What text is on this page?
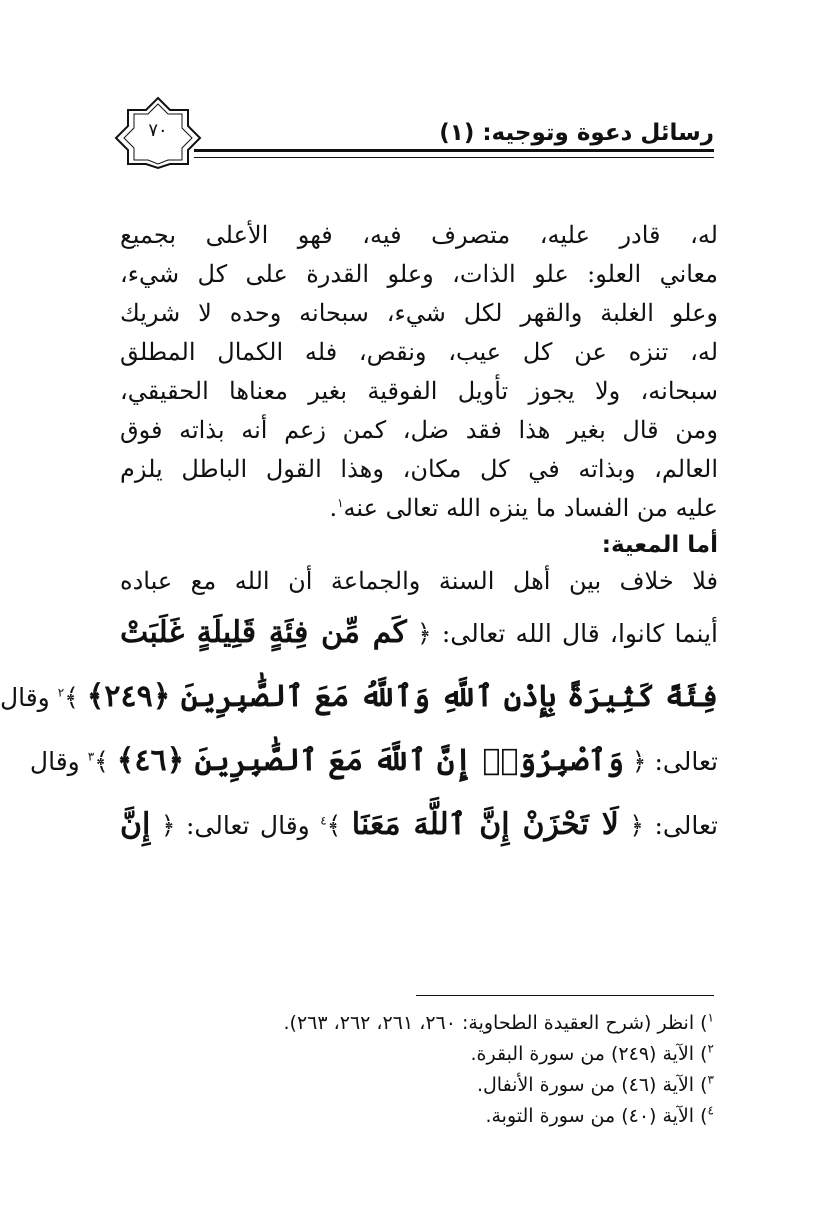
رسائل دعوة وتوجيه: (١)
٧٠
له، قادر عليه، متصرف فيه، فهو الأعلى بجميع
معاني العلو: علو الذات، وعلو القدرة على كل شيء،
وعلو الغلبة والقهر لكل شيء، سبحانه وحده لا شريك
له، تنزه عن كل عيب، ونقص، فله الكمال المطلق
سبحانه، ولا يجوز تأويل الفوقية بغير معناها الحقيقي،
ومن قال بغير هذا فقد ضل، كمن زعم أنه بذاته فوق
العالم، وبذاته في كل مكان، وهذا القول الباطل يلزم
عليه من الفساد ما ينزه الله تعالى عنه$^١$.
أما المعية:
فلا خلاف بين أهل السنة والجماعة أن الله مع عباده
أينما كانوا، قال الله تعالى: ﴿ كَم مِّن فِئَةٍ قَلِيلَةٍ غَلَبَتْ
فِئَةً كَثِيرَةً بِإِذْنِ ٱللَّهِ وَٱللَّهُ مَعَ ٱلصَّٰبِرِينَ ﴿٢٤٩﴾ ﴾$^٢$ وقال
تعالى: ﴿ وَٱصْبِرُوٓا۟ إِنَّ ٱللَّهَ مَعَ ٱلصَّٰبِرِينَ ﴿٤٦﴾ ﴾$^٣$ وقال
تعالى: ﴿ لَا تَحْزَنْ إِنَّ ٱللَّهَ مَعَنَا ﴾$^٤$ وقال تعالى: ﴿ إِنَّ
$^١$) انظر (شرح العقيدة الطحاوية: ٢٦٠، ٢٦١، ٢٦٢، ٢٦٣).
$^٢$) الآية (٢٤٩) من سورة البقرة.
$^٣$) الآية (٤٦) من سورة الأنفال.
$^٤$) الآية (٤٠) من سورة التوبة.
